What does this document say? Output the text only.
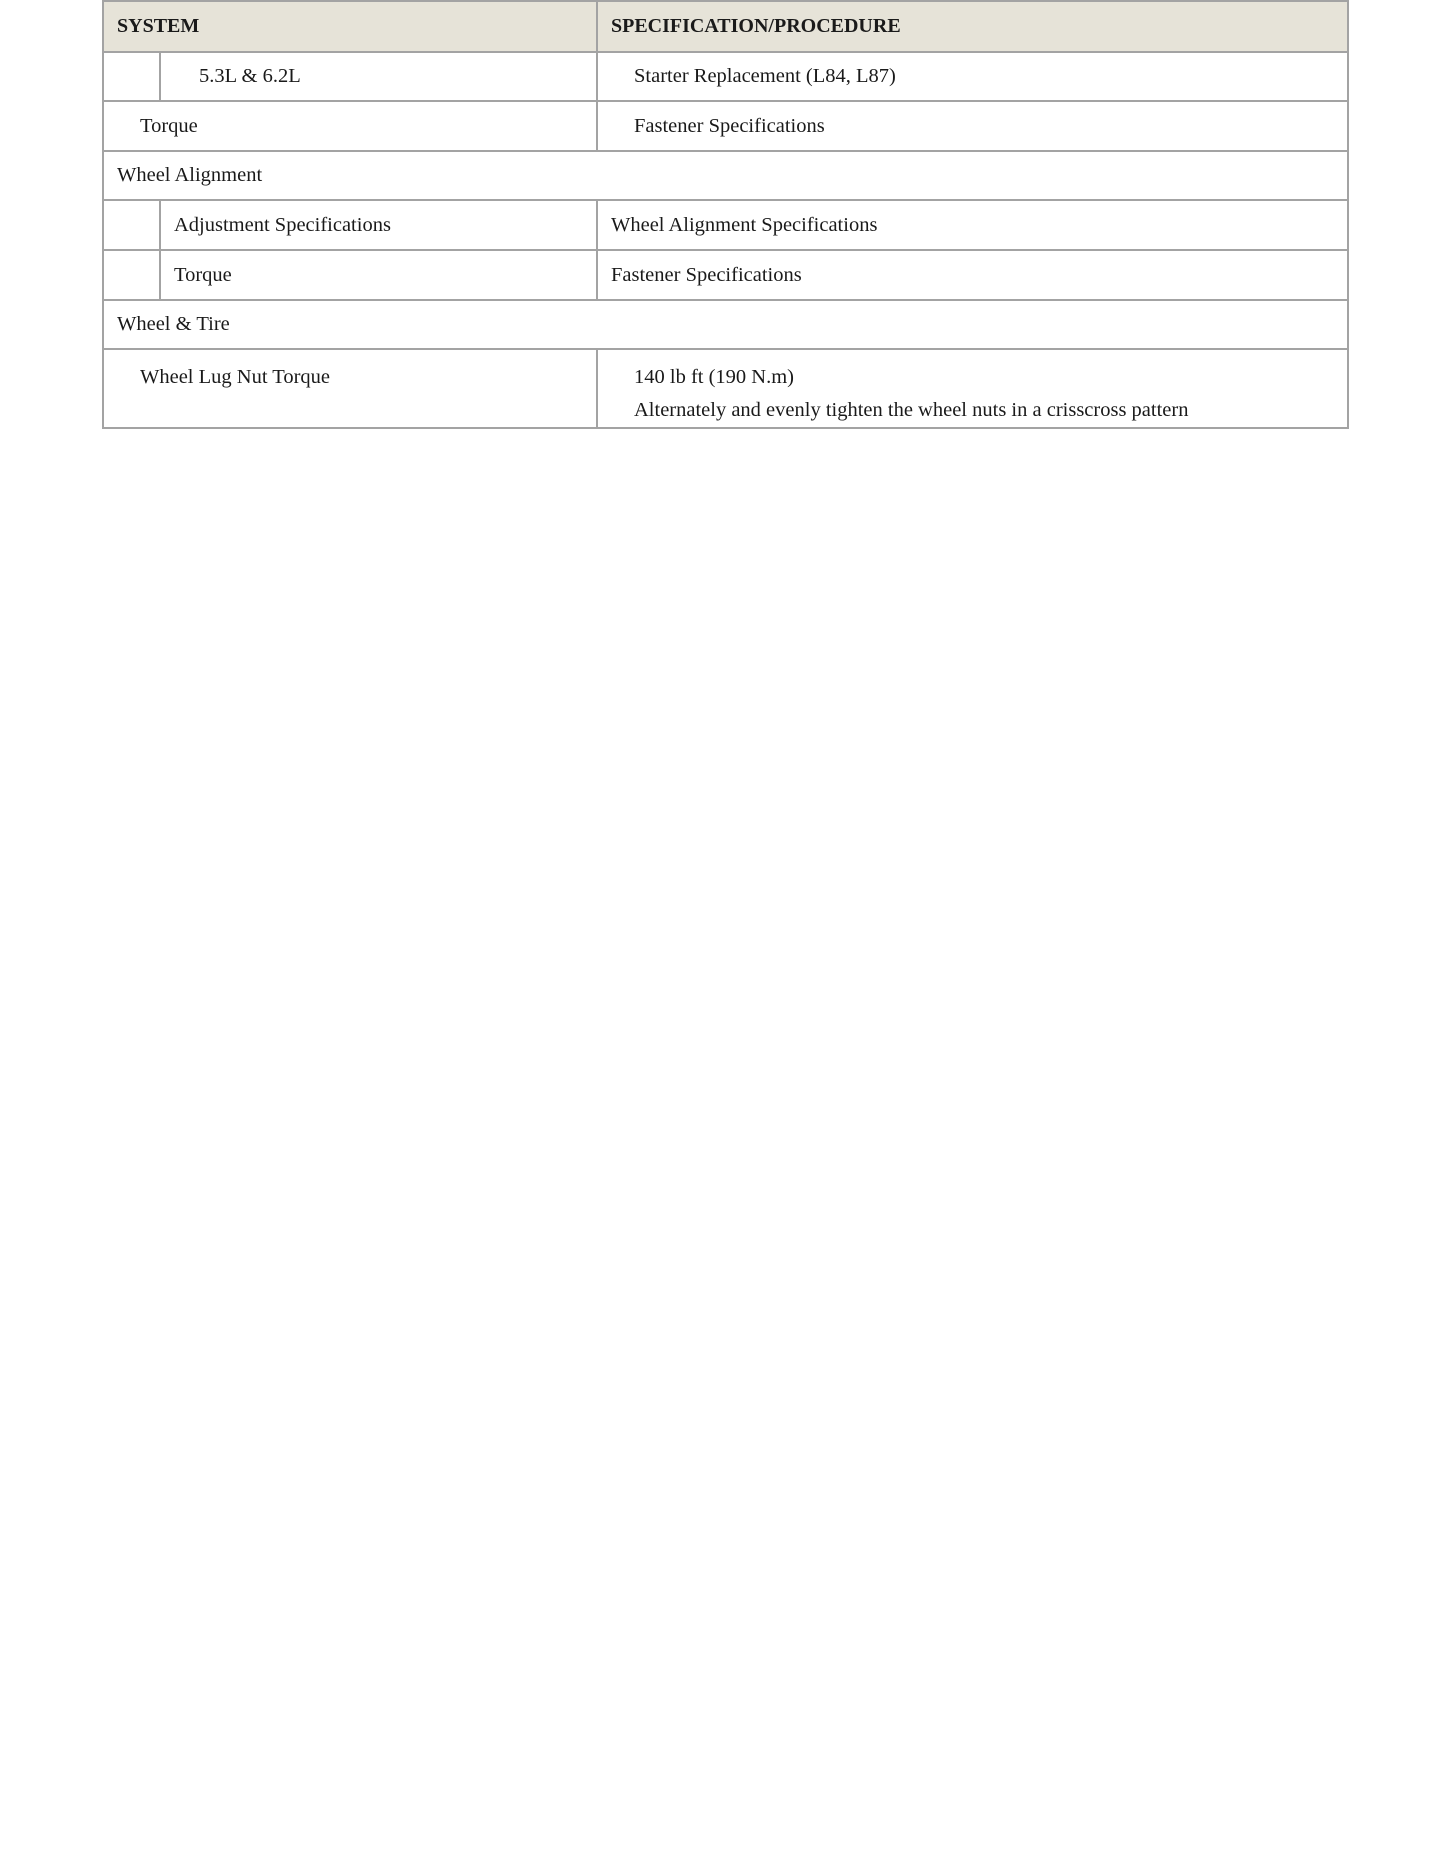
SYSTEM		SPECIFICATION/PROCEDURE
	5.3L & 6.2L	Starter Replacement (L84, L87)
Torque		Fastener Specifications
Wheel Alignment		
	Adjustment Specifications	Wheel Alignment Specifications
	Torque	Fastener Specifications
Wheel & Tire		
Wheel Lug Nut Torque		140 lb ft (190 N.m)
Alternately and evenly tighten the wheel nuts in a crisscross pattern
